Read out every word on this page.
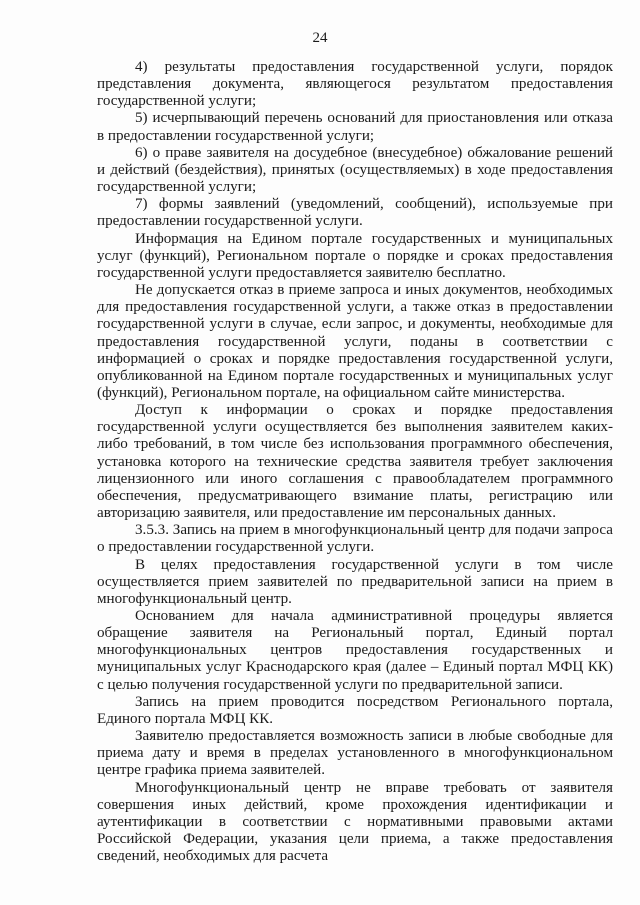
24

4) результаты предоставления государственной услуги, порядок представления документа, являющегося результатом предоставления государственной услуги;

5) исчерпывающий перечень оснований для приостановления или отказа в предоставлении государственной услуги;

6) о праве заявителя на досудебное (внесудебное) обжалование решений и действий (бездействия), принятых (осуществляемых) в ходе предоставления государственной услуги;

7) формы заявлений (уведомлений, сообщений), используемые при предоставлении государственной услуги.

Информация на Едином портале государственных и муниципальных услуг (функций), Региональном портале о порядке и сроках предоставления государственной услуги предоставляется заявителю бесплатно.

Не допускается отказ в приеме запроса и иных документов, необходимых для предоставления государственной услуги, а также отказ в предоставлении государственной услуги в случае, если запрос, и документы, необходимые для предоставления государственной услуги, поданы в соответствии с информацией о сроках и порядке предоставления государственной услуги, опубликованной на Едином портале государственных и муниципальных услуг (функций), Региональном портале, на официальном сайте министерства.

Доступ к информации о сроках и порядке предоставления государственной услуги осуществляется без выполнения заявителем каких-либо требований, в том числе без использования программного обеспечения, установка которого на технические средства заявителя требует заключения лицензионного или иного соглашения с правообладателем программного обеспечения, предусматривающего взимание платы, регистрацию или авторизацию заявителя, или предоставление им персональных данных.

3.5.3. Запись на прием в многофункциональный центр для подачи запроса о предоставлении государственной услуги.

В целях предоставления государственной услуги в том числе осуществляется прием заявителей по предварительной записи на прием в многофункциональный центр.

Основанием для начала административной процедуры является обращение заявителя на Региональный портал, Единый портал многофункциональных центров предоставления государственных и муниципальных услуг Краснодарского края (далее – Единый портал МФЦ КК) с целью получения государственной услуги по предварительной записи.

Запись на прием проводится посредством Регионального портала, Единого портала МФЦ КК.

Заявителю предоставляется возможность записи в любые свободные для приема дату и время в пределах установленного в многофункциональном центре графика приема заявителей.

Многофункциональный центр не вправе требовать от заявителя совершения иных действий, кроме прохождения идентификации и аутентификации в соответствии с нормативными правовыми актами Российской Федерации, указания цели приема, а также предоставления сведений, необходимых для расчета
